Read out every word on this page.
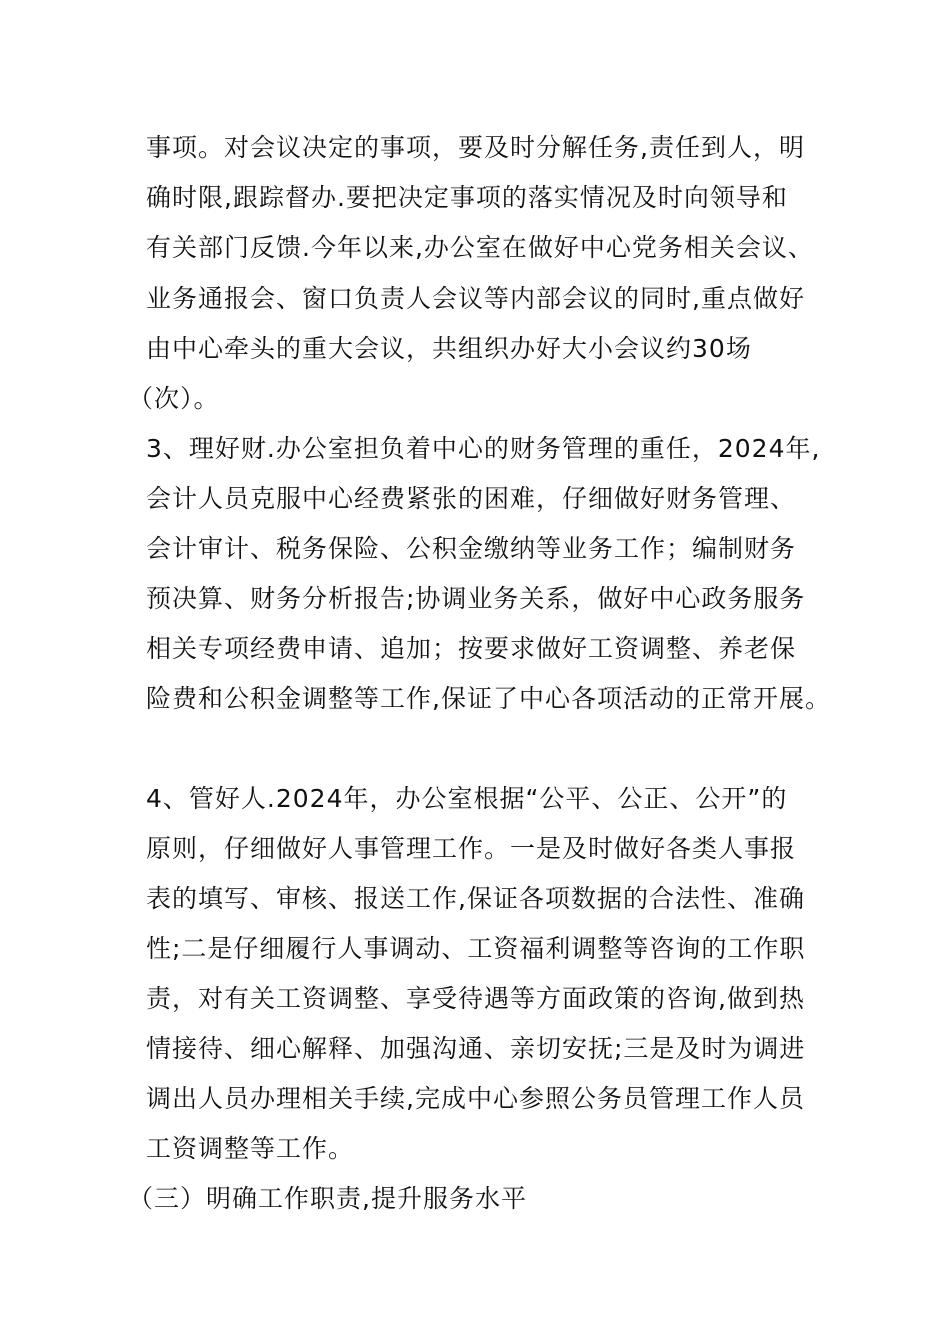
事项。对会议决定的事项，要及时分解任务,责任到人，明
确时限,跟踪督办.要把决定事项的落实情况及时向领导和
有关部门反馈.今年以来,办公室在做好中心党务相关会议、
业务通报会、窗口负责人会议等内部会议的同时,重点做好
由中心牵头的重大会议，共组织办好大小会议约30场
（次）。
3、理好财.办公室担负着中心的财务管理的重任，2024年,
会计人员克服中心经费紧张的困难，仔细做好财务管理、
会计审计、税务保险、公积金缴纳等业务工作；编制财务
预决算、财务分析报告;协调业务关系，做好中心政务服务
相关专项经费申请、追加；按要求做好工资调整、养老保
险费和公积金调整等工作,保证了中心各项活动的正常开展。
4、管好人.2024年，办公室根据“公平、公正、公开”的
原则，仔细做好人事管理工作。一是及时做好各类人事报
表的填写、审核、报送工作,保证各项数据的合法性、准确
性;二是仔细履行人事调动、工资福利调整等咨询的工作职
责，对有关工资调整、享受待遇等方面政策的咨询,做到热
情接待、细心解释、加强沟通、亲切安抚;三是及时为调进
调出人员办理相关手续,完成中心参照公务员管理工作人员
工资调整等工作。
（三）明确工作职责,提升服务水平
